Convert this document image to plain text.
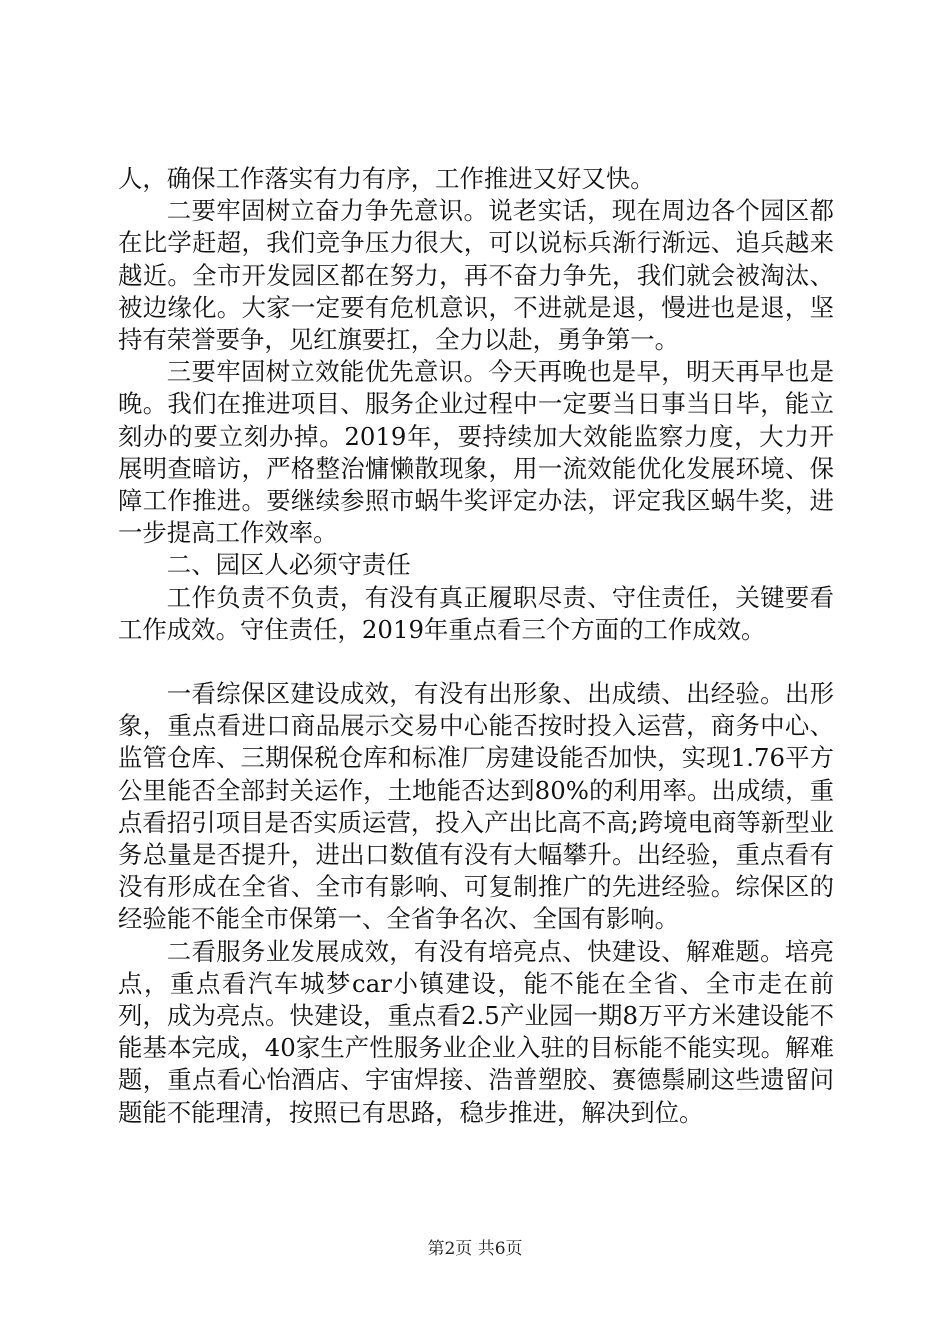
人，确保工作落实有力有序，工作推进又好又快。

二要牢固树立奋力争先意识。说老实话，现在周边各个园区都在比学赶超，我们竞争压力很大，可以说标兵渐行渐远、追兵越来越近。全市开发园区都在努力，再不奋力争先，我们就会被淘汰、被边缘化。大家一定要有危机意识，不进就是退，慢进也是退，坚持有荣誉要争，见红旗要扛，全力以赴，勇争第一。

三要牢固树立效能优先意识。今天再晚也是早，明天再早也是晚。我们在推进项目、服务企业过程中一定要当日事当日毕，能立刻办的要立刻办掉。2019年，要持续加大效能监察力度，大力开展明查暗访，严格整治慵懒散现象，用一流效能优化发展环境、保障工作推进。要继续参照市蜗牛奖评定办法，评定我区蜗牛奖，进一步提高工作效率。

二、园区人必须守责任

工作负责不负责，有没有真正履职尽责、守住责任，关键要看工作成效。守住责任，2019年重点看三个方面的工作成效。

一看综保区建设成效，有没有出形象、出成绩、出经验。出形象，重点看进口商品展示交易中心能否按时投入运营，商务中心、监管仓库、三期保税仓库和标准厂房建设能否加快，实现1.76平方公里能否全部封关运作，土地能否达到80%的利用率。出成绩，重点看招引项目是否实质运营，投入产出比高不高;跨境电商等新型业务总量是否提升，进出口数值有没有大幅攀升。出经验，重点看有没有形成在全省、全市有影响、可复制推广的先进经验。综保区的经验能不能全市保第一、全省争名次、全国有影响。

二看服务业发展成效，有没有培亮点、快建设、解难题。培亮点，重点看汽车城梦car小镇建设，能不能在全省、全市走在前列，成为亮点。快建设，重点看2.5产业园一期8万平方米建设能不能基本完成，40家生产性服务业企业入驻的目标能不能实现。解难题，重点看心怡酒店、宇宙焊接、浩普塑胶、赛德鬃刷这些遗留问题能不能理清，按照已有思路，稳步推进，解决到位。

第2页 共6页
